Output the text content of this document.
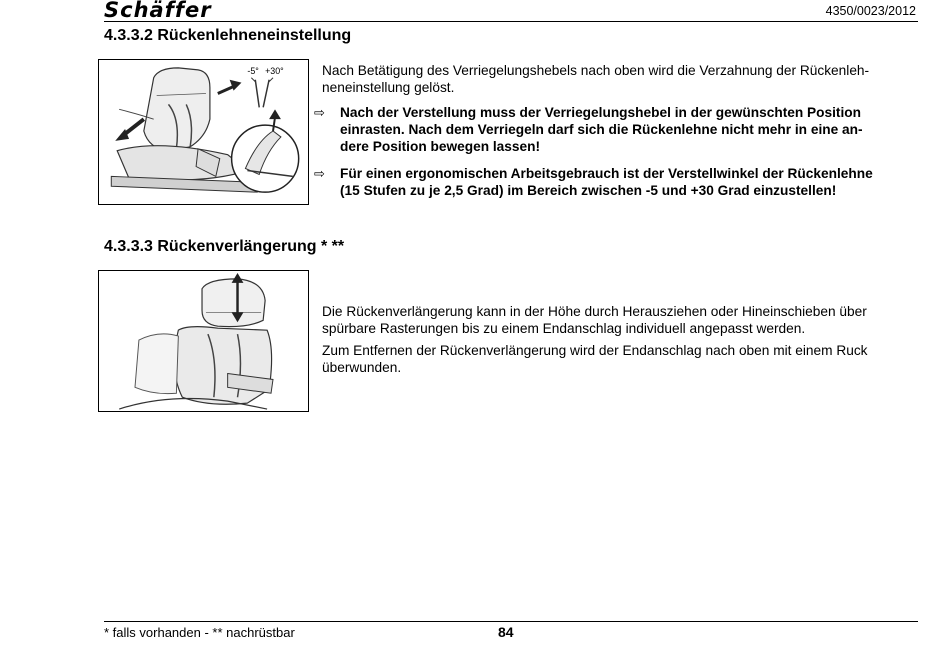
Schäffer	4350/0023/2012
4.3.3.2 Rückenlehneneinstellung
-5° +30°	Nach Betätigung des Verriegelungshebels nach oben wird die Verzahnung der Rückenleh-
neneinstellung gelöst.

⇨ Nach der Verstellung muss der Verriegelungshebel in der gewünschten Position
einrasten. Nach dem Verriegeln darf sich die Rückenlehne nicht mehr in eine an-
dere Position bewegen lassen!
⇨ Für einen ergonomischen Arbeitsgebrauch ist der Verstellwinkel der Rückenlehne
(15 Stufen zu je 2,5 Grad) im Bereich zwischen -5 und +30 Grad einzustellen!
4.3.3.3 Rückenverlängerung * **

Die Rückenverlängerung kann in der Höhe durch Herausziehen oder Hineinschieben über
spürbare Rasterungen bis zu einem Endanschlag individuell angepasst werden.

Zum Entfernen der Rückenverlängerung wird der Endanschlag nach oben mit einem Ruck
überwunden.

* falls vorhanden - ** nachrüstbar	84
